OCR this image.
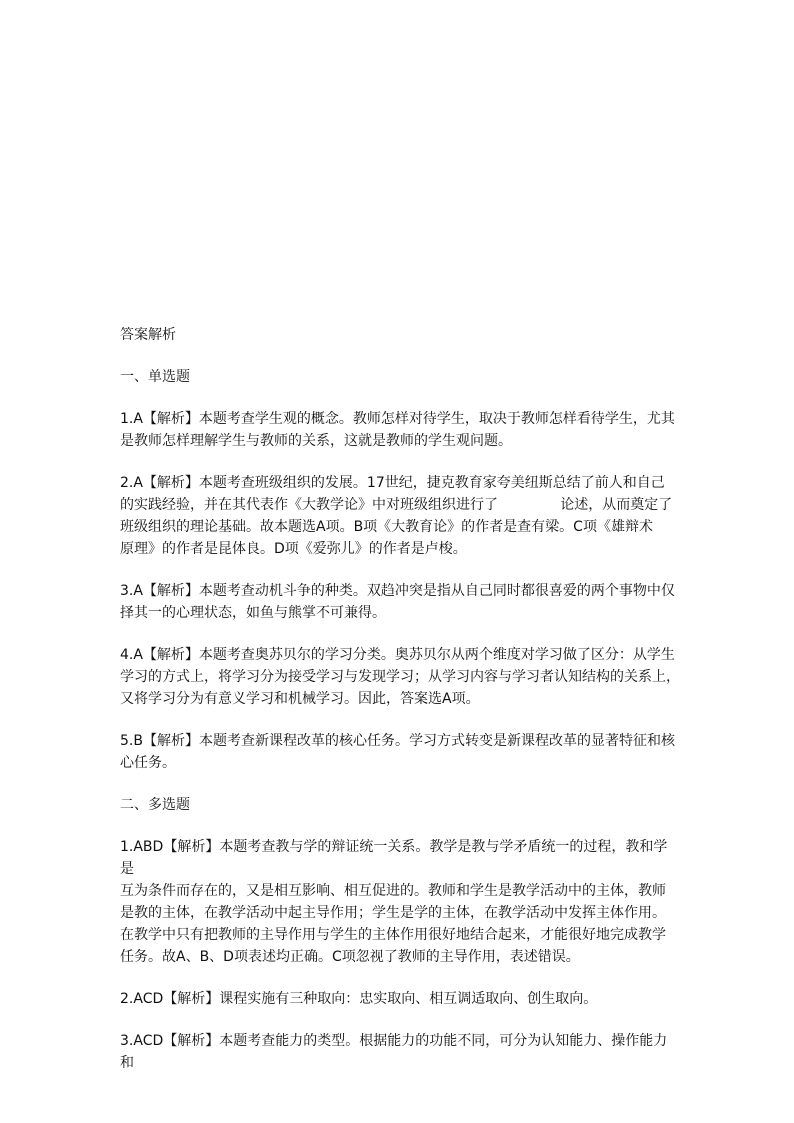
答案解析

一、单选题

1.A【解析】本题考查学生观的概念。教师怎样对待学生，取决于教师怎样看待学生，尤其
是教师怎样理解学生与教师的关系，这就是教师的学生观问题。

2.A【解析】本题考查班级组织的发展。17世纪，捷克教育家夸美纽斯总结了前人和自己
的实践经验，并在其代表作《大教学论》中对班级组织进行了              论述，从而奠定了
班级组织的理论基础。故本题选A项。B项《大教育论》的作者是查有梁。C项《雄辩术
原理》的作者是昆体良。D项《爱弥儿》的作者是卢梭。

3.A【解析】本题考查动机斗争的种类。双趋冲突是指从自己同时都很喜爱的两个事物中仅
择其一的心理状态，如鱼与熊掌不可兼得。

4.A【解析】本题考查奥苏贝尔的学习分类。奥苏贝尔从两个维度对学习做了区分：从学生
学习的方式上，将学习分为接受学习与发现学习；从学习内容与学习者认知结构的关系上，
又将学习分为有意义学习和机械学习。因此，答案选A项。

5.B【解析】本题考查新课程改革的核心任务。学习方式转变是新课程改革的显著特征和核
心任务。

二、多选题

1.ABD【解析】本题考查教与学的辩证统一关系。教学是教与学矛盾统一的过程，教和学是
互为条件而存在的，又是相互影响、相互促进的。教师和学生是教学活动中的主体，教师
是教的主体，在教学活动中起主导作用；学生是学的主体，在教学活动中发挥主体作用。
在教学中只有把教师的主导作用与学生的主体作用很好地结合起来，才能很好地完成教学
任务。故A、B、D项表述均正确。C项忽视了教师的主导作用，表述错误。

2.ACD【解析】课程实施有三种取向：忠实取向、相互调适取向、创生取向。

3.ACD【解析】本题考查能力的类型。根据能力的功能不同，可分为认知能力、操作能力和
